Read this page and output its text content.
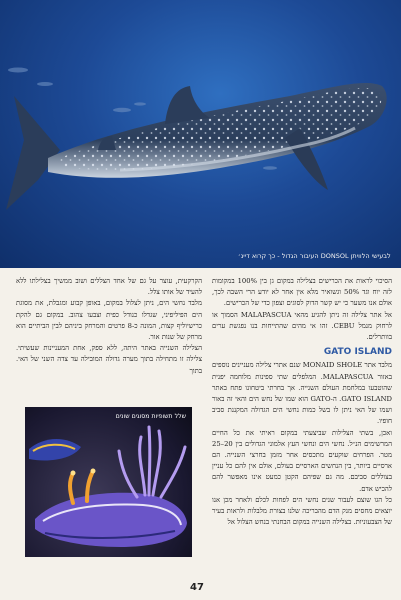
העיבור הגדול - כך קרוא דיינ׳ DONSOL לבעישי הלוויתן

הסיכוי לראות את הכרישים בצלילה במקום גן בין 100% במקומות לזה יוח וגד 50% וגשואיר מלא אין אחר לא יודע הרי השבה לכך, אולם אנו משער כי יש קשר הדוק לסוגים וצפון כדי של הכרישים.

אל אתר צלילה זה ניתן להגיע מהאי MALAPASCUA הסמוך או לרחוק מנמל CEBU. זהו אי מהים שהתייחות בנו נפגשת ערים בוותרלים.

GATO ISLAND

מלבד אתר MONAID SHOLE שנם אתרי צלילה מעניינים נוספים באזור MALAPASCUA. המלפלים שתי ספינות מלוחמה יפנית שהוטבעו במלחמת העולם השנייה. אך בחרתי ביטחונו פתח באתר GATO ISLAND. ה-GATO הוא שמו של נחש הים והאי זה באור ושמו של האי ניתן לו בשל כמות נחשי הים הגדולה המקננת סביב חופיו.

ואכן, בשתי הצלילות שביצעתי במקום ראיתי את כל החיים המרשימים הנ״ל. נחשי הים ונחשי העץ אלמוני הגדולים בין 20–25 מטר. הפרחים שוקעים מתכסים אחר מזמן בחרצי השנייה. הם ארסיים ביותר, בין הנחשים הארסיים בעולם, אולם אין להם כל עניין בצוללים סביבם. מה גם שפיהם הקטן כמעט אינו מאפשר להם להכיש אדם.

כל הגו שוצם לעבור שנים נחשי הים לפחות לכלם ולאחר מכן אנו יוצאים מחסים מנק הדם מהבריכה שלנו בצורת מלבלות ולראות בעיר של הצבעוניות. בצלילה השנייה במקום הבחנתי בנחש הצלול אל

הקרקעית, עוצר על גם של אחד הצללים ושוב ממשיך בצלילתו ללא להעיד של אותו צלל.

מלבד נחשי הים, ניתן לצלול במקום, באופן קבוע ומגבלת, את מסוגת הים הפיליפיני, שגדלו כנודל כפית וצבעו צהוב. במקום גם להקת כרישיוליף קצות, המונה כ-8 פרטים והמרחק ביניהם לבין הביתיים הוא מרחק של שנות אור.

הצלילה השנייה באתר היתה, ללא ספק, אחת המעניינות שעשיתי. צלילה זו מתחילה בתוך מערה גדולה המובילה עד צדה השני של האי. בתוך

שלל תשופיות מסוגים שונים
47
